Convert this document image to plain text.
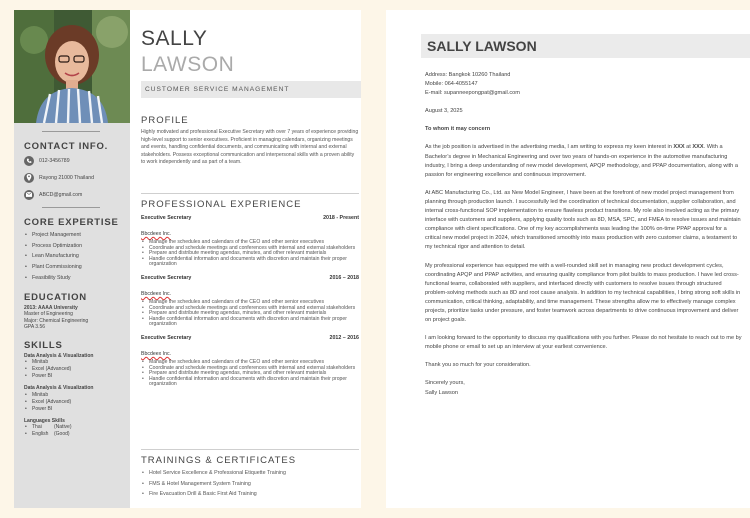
CONTACT INFO.
012-3456789
Rayong 21000 Thailand
ABCD@gmail.com
CORE EXPERTISE
• Project Management
• Process Optimization
• Lean Manufacturing
• Plant Commissioning
• Feasibility Study
EDUCATION
2013: AAAA University
Master of Engineering
Major: Chemical Engineering
GPA 3.56
SKILLS
Data Analysis & Visualization
• Minitab
• Excel (Advanced)
• Power BI
Data Analysis & Visualization
• Minitab
• Excel (Advanced)
• Power BI
Languages Skills
• Thai	(Native)
• English	(Good)
SALLY
LAWSON
CUSTOMER SERVICE MANAGEMENT
PROFILE

Highly motivated and professional Executive Secretary with over 7 years of experience providing high-level support to senior executives. Proficient in managing calendars, organizing meetings and events, handling confidential documents, and communicating with internal and external stakeholders. Possess exceptional communication and interpersonal skills with a proven ability to work independently and as part of a team.

PROFESSIONAL EXPERIENCE
Executive Secretary	2018 - Present
Bbcdeex Inc.
• Manage the schedules and calendars of the CEO and other senior executives
• Coordinate and schedule meetings and conferences with internal and external stakeholders
• Prepare and distribute meeting agendas, minutes, and other relevant materials
• Handle confidential information and documents with discretion and maintain their proper organization
Executive Secretary	2016 – 2018
Bbcdeex Inc.
• Manage the schedules and calendars of the CEO and other senior executives
• Coordinate and schedule meetings and conferences with internal and external stakeholders
• Prepare and distribute meeting agendas, minutes, and other relevant materials
• Handle confidential information and documents with discretion and maintain their proper organization
Executive Secretary	2012 – 2016
Bbcdeex Inc.
• Manage the schedules and calendars of the CEO and other senior executives
• Coordinate and schedule meetings and conferences with internal and external stakeholders
• Prepare and distribute meeting agendas, minutes, and other relevant materials
• Handle confidential information and documents with discretion and maintain their proper organization
TRAININGS & CERTIFICATES
• Hotel Service Excellence & Professional Etiquette Training
• FMS & Hotel Management System Training
• Fire Evacuation Drill & Basic First Aid Training
SALLY LAWSON

Address: Bangkok 10260 Thailand

Mobile: 064-4055147

E-mail: supanneepongpat@gmail.com

August 3, 2025

To whom it may concern

As the job position is advertised in the advertising media, I am writing to express my keen interest in XXX at XXX. With a Bachelor’s degree in Mechanical Engineering and over two years of hands-on experience in the automotive manufacturing industry, I bring a deep understanding of new model development, APQP methodology, and PPAP documentation, along with a passion for engineering excellence and continuous improvement.

At ABC Manufacturing Co., Ltd. as New Model Engineer, I have been at the forefront of new model project management from planning through production launch. I successfully led the coordination of technical documentation, supplier collaboration, and internal cross-functional SOP implementation to ensure flawless product transitions. My role also involved acting as the primary interface with customers and suppliers, applying quality tools such as 8D, MSA, SPC, and FMEA to resolve issues and maintain compliance with client specifications. One of my key accomplishments was leading the 100% on-time PPAP approval for a critical new model project in 2024, which transitioned smoothly into mass production with zero customer claims, a testament to my technical rigor and attention to detail.

My professional experience has equipped me with a well-rounded skill set in managing new product development cycles, coordinating APQP and PPAP activities, and ensuring quality compliance from pilot builds to mass production. I have led cross-functional teams, collaborated with suppliers, and interfaced directly with customers to resolve issues through structured problem-solving methods such as 8D and root cause analysis. In addition to my technical capabilities, I bring strong soft skills in communication, critical thinking, adaptability, and time management. These strengths allow me to effectively manage complex projects, prioritize tasks under pressure, and foster teamwork across departments to drive continuous improvement and deliver on project goals.

I am looking forward to the opportunity to discuss my qualifications with you further. Please do not hesitate to reach out to me by mobile phone or email to set up an interview at your earliest convenience.

Thank you so much for your consideration.

Sincerely yours,

Sally Lawson
